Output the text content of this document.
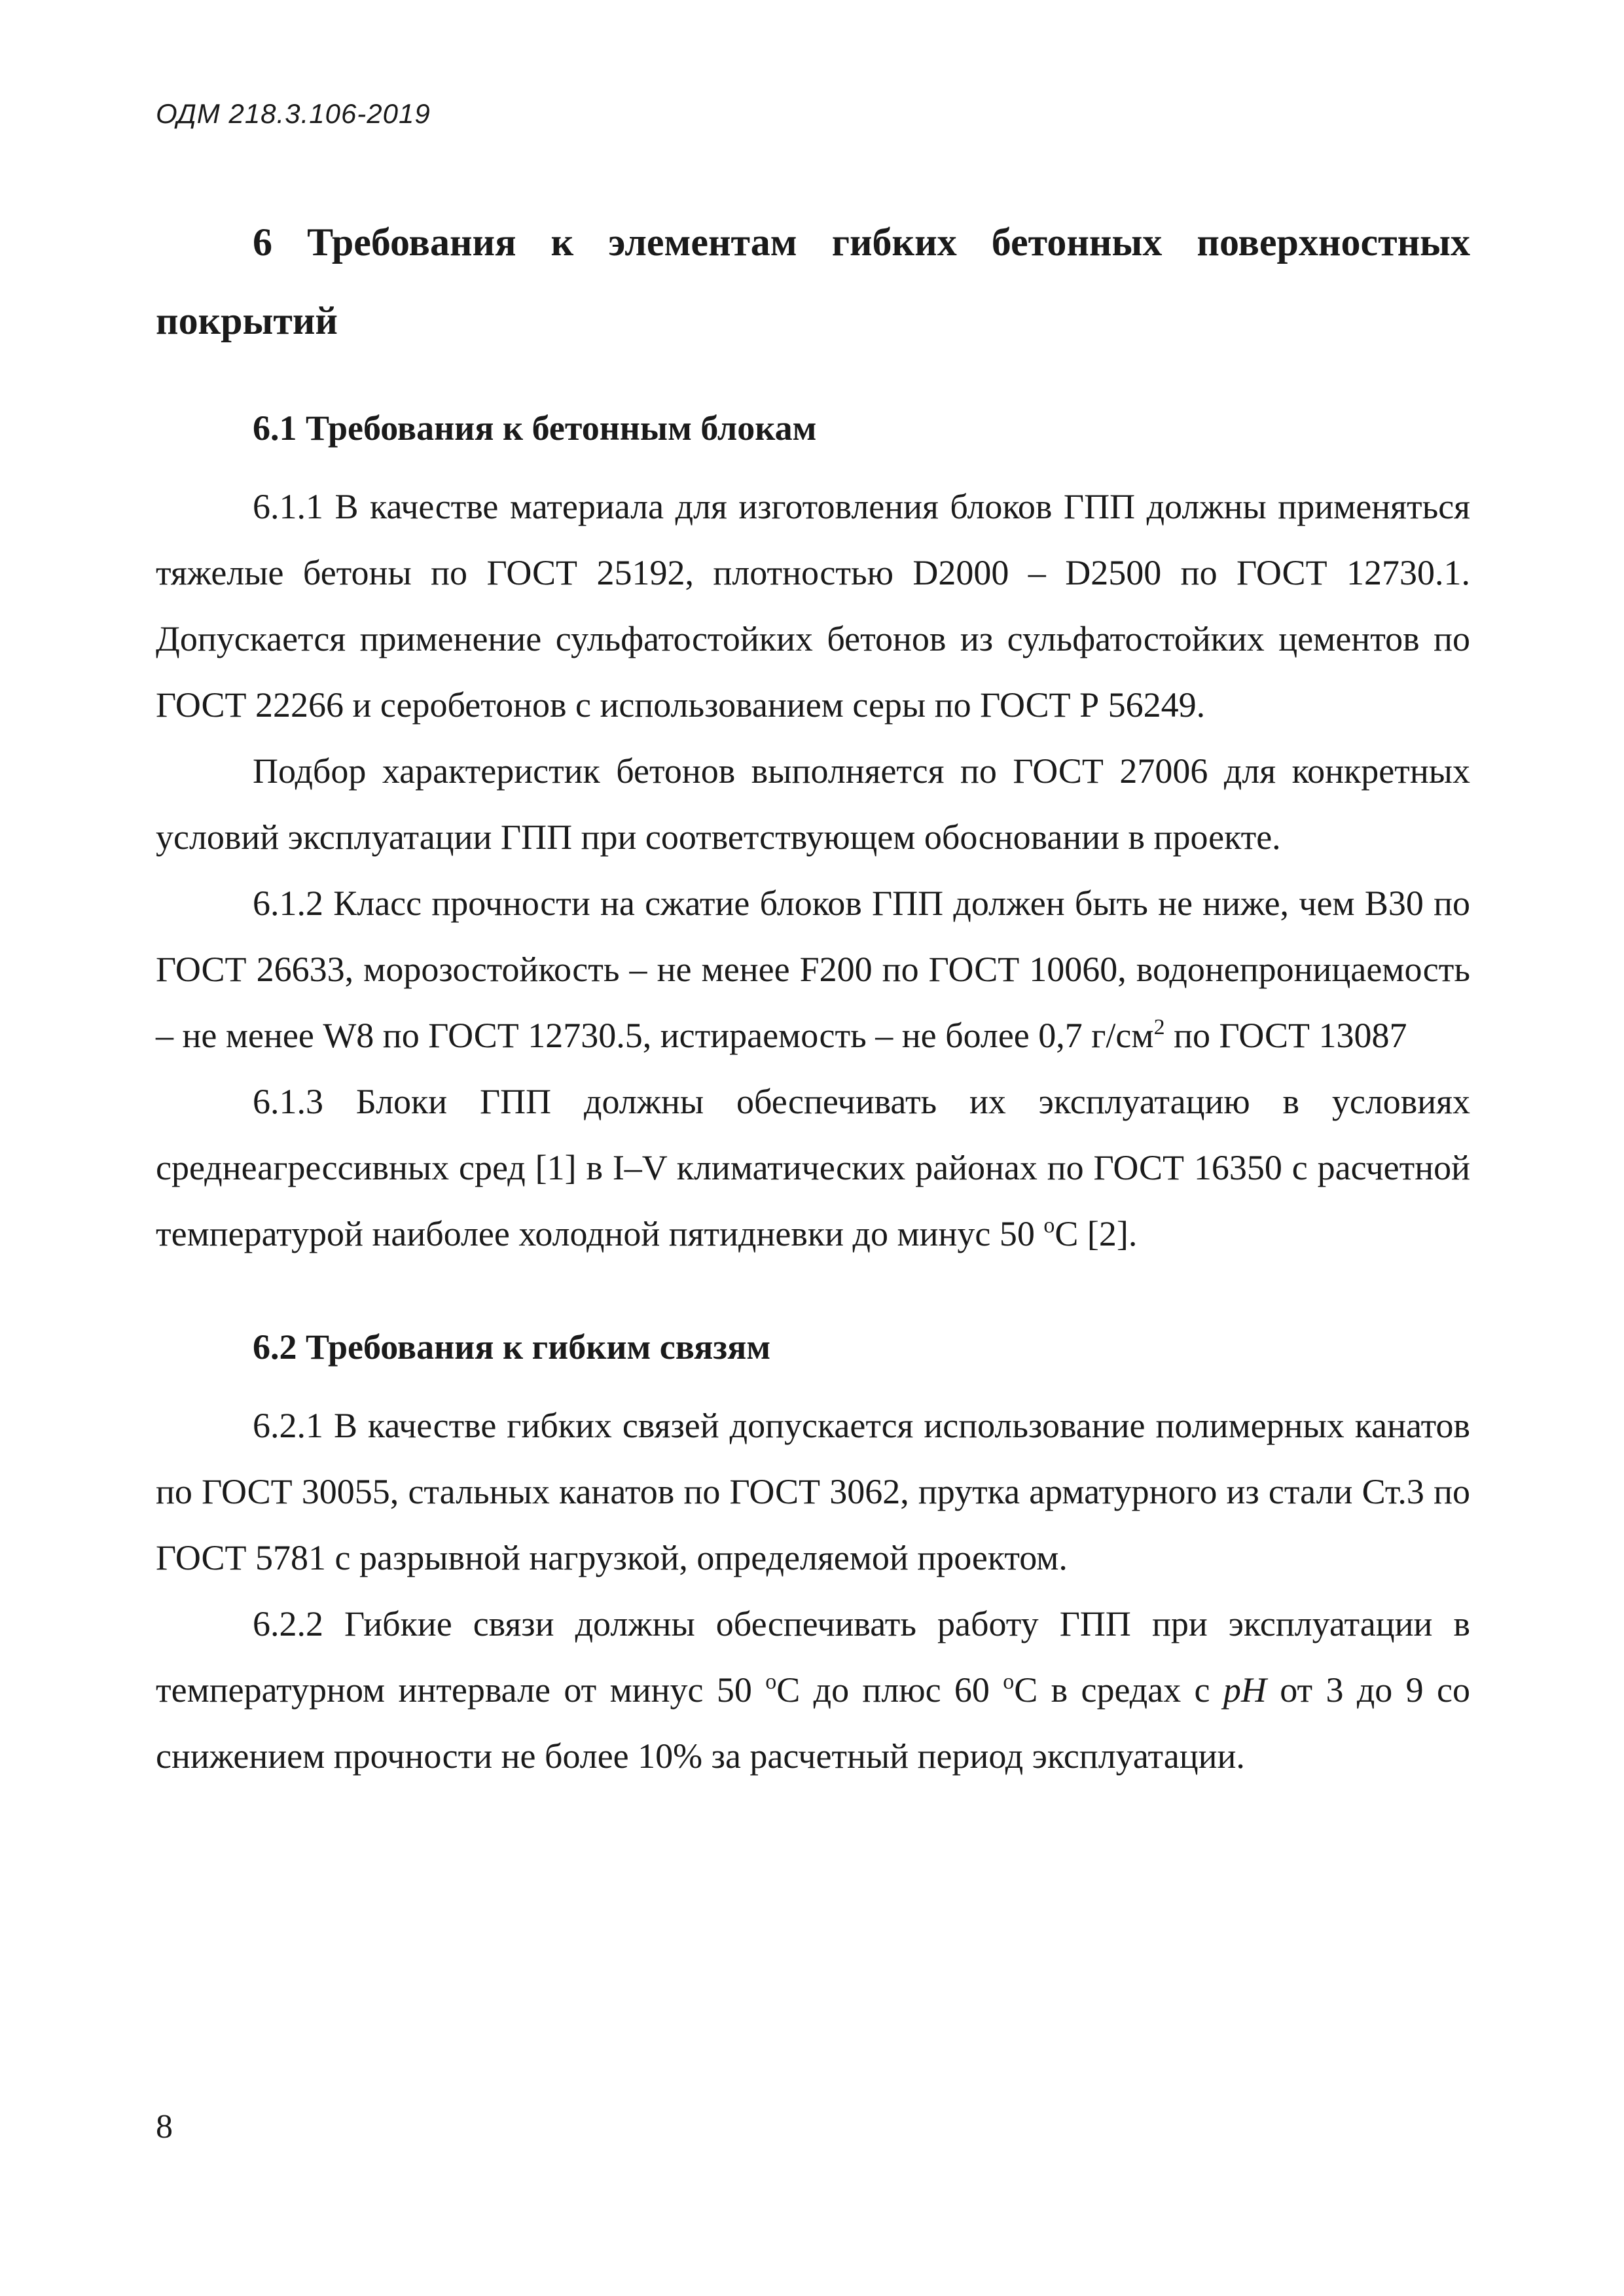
ОДМ 218.3.106-2019
6 Требования к элементам гибких бетонных поверхностных покрытий
6.1 Требования к бетонным блокам

6.1.1 В качестве материала для изготовления блоков ГПП должны применяться тяжелые бетоны по ГОСТ 25192, плотностью D2000 – D2500 по ГОСТ 12730.1. Допускается применение сульфатостойких бетонов из сульфатостойких цементов по ГОСТ 22266 и серобетонов с использованием серы по ГОСТ Р 56249.

Подбор характеристик бетонов выполняется по ГОСТ 27006 для конкретных условий эксплуатации ГПП при соответствующем обосновании в проекте.

6.1.2 Класс прочности на сжатие блоков ГПП должен быть не ниже, чем В30 по ГОСТ 26633, морозостойкость – не менее F200 по ГОСТ 10060, водонепроницаемость – не менее W8 по ГОСТ 12730.5, истираемость – не более 0,7 $г/см^2$ по ГОСТ 13087

6.1.3 Блоки ГПП должны обеспечивать их эксплуатацию в условиях среднеагрессивных сред [1] в I–V климатических районах по ГОСТ 16350 с расчетной температурой наиболее холодной пятидневки до минус 50 $^о$С [2].

6.2 Требования к гибким связям

6.2.1 В качестве гибких связей допускается использование полимерных канатов по ГОСТ 30055, стальных канатов по ГОСТ 3062, прутка арматурного из стали Ст.3 по ГОСТ 5781 с разрывной нагрузкой, определяемой проектом.

6.2.2 Гибкие связи должны обеспечивать работу ГПП при эксплуатации в температурном интервале от минус 50 $^о$С до плюс 60 $^о$С в средах с pH от 3 до 9 со снижением прочности не более 10% за расчетный период эксплуатации.

8
